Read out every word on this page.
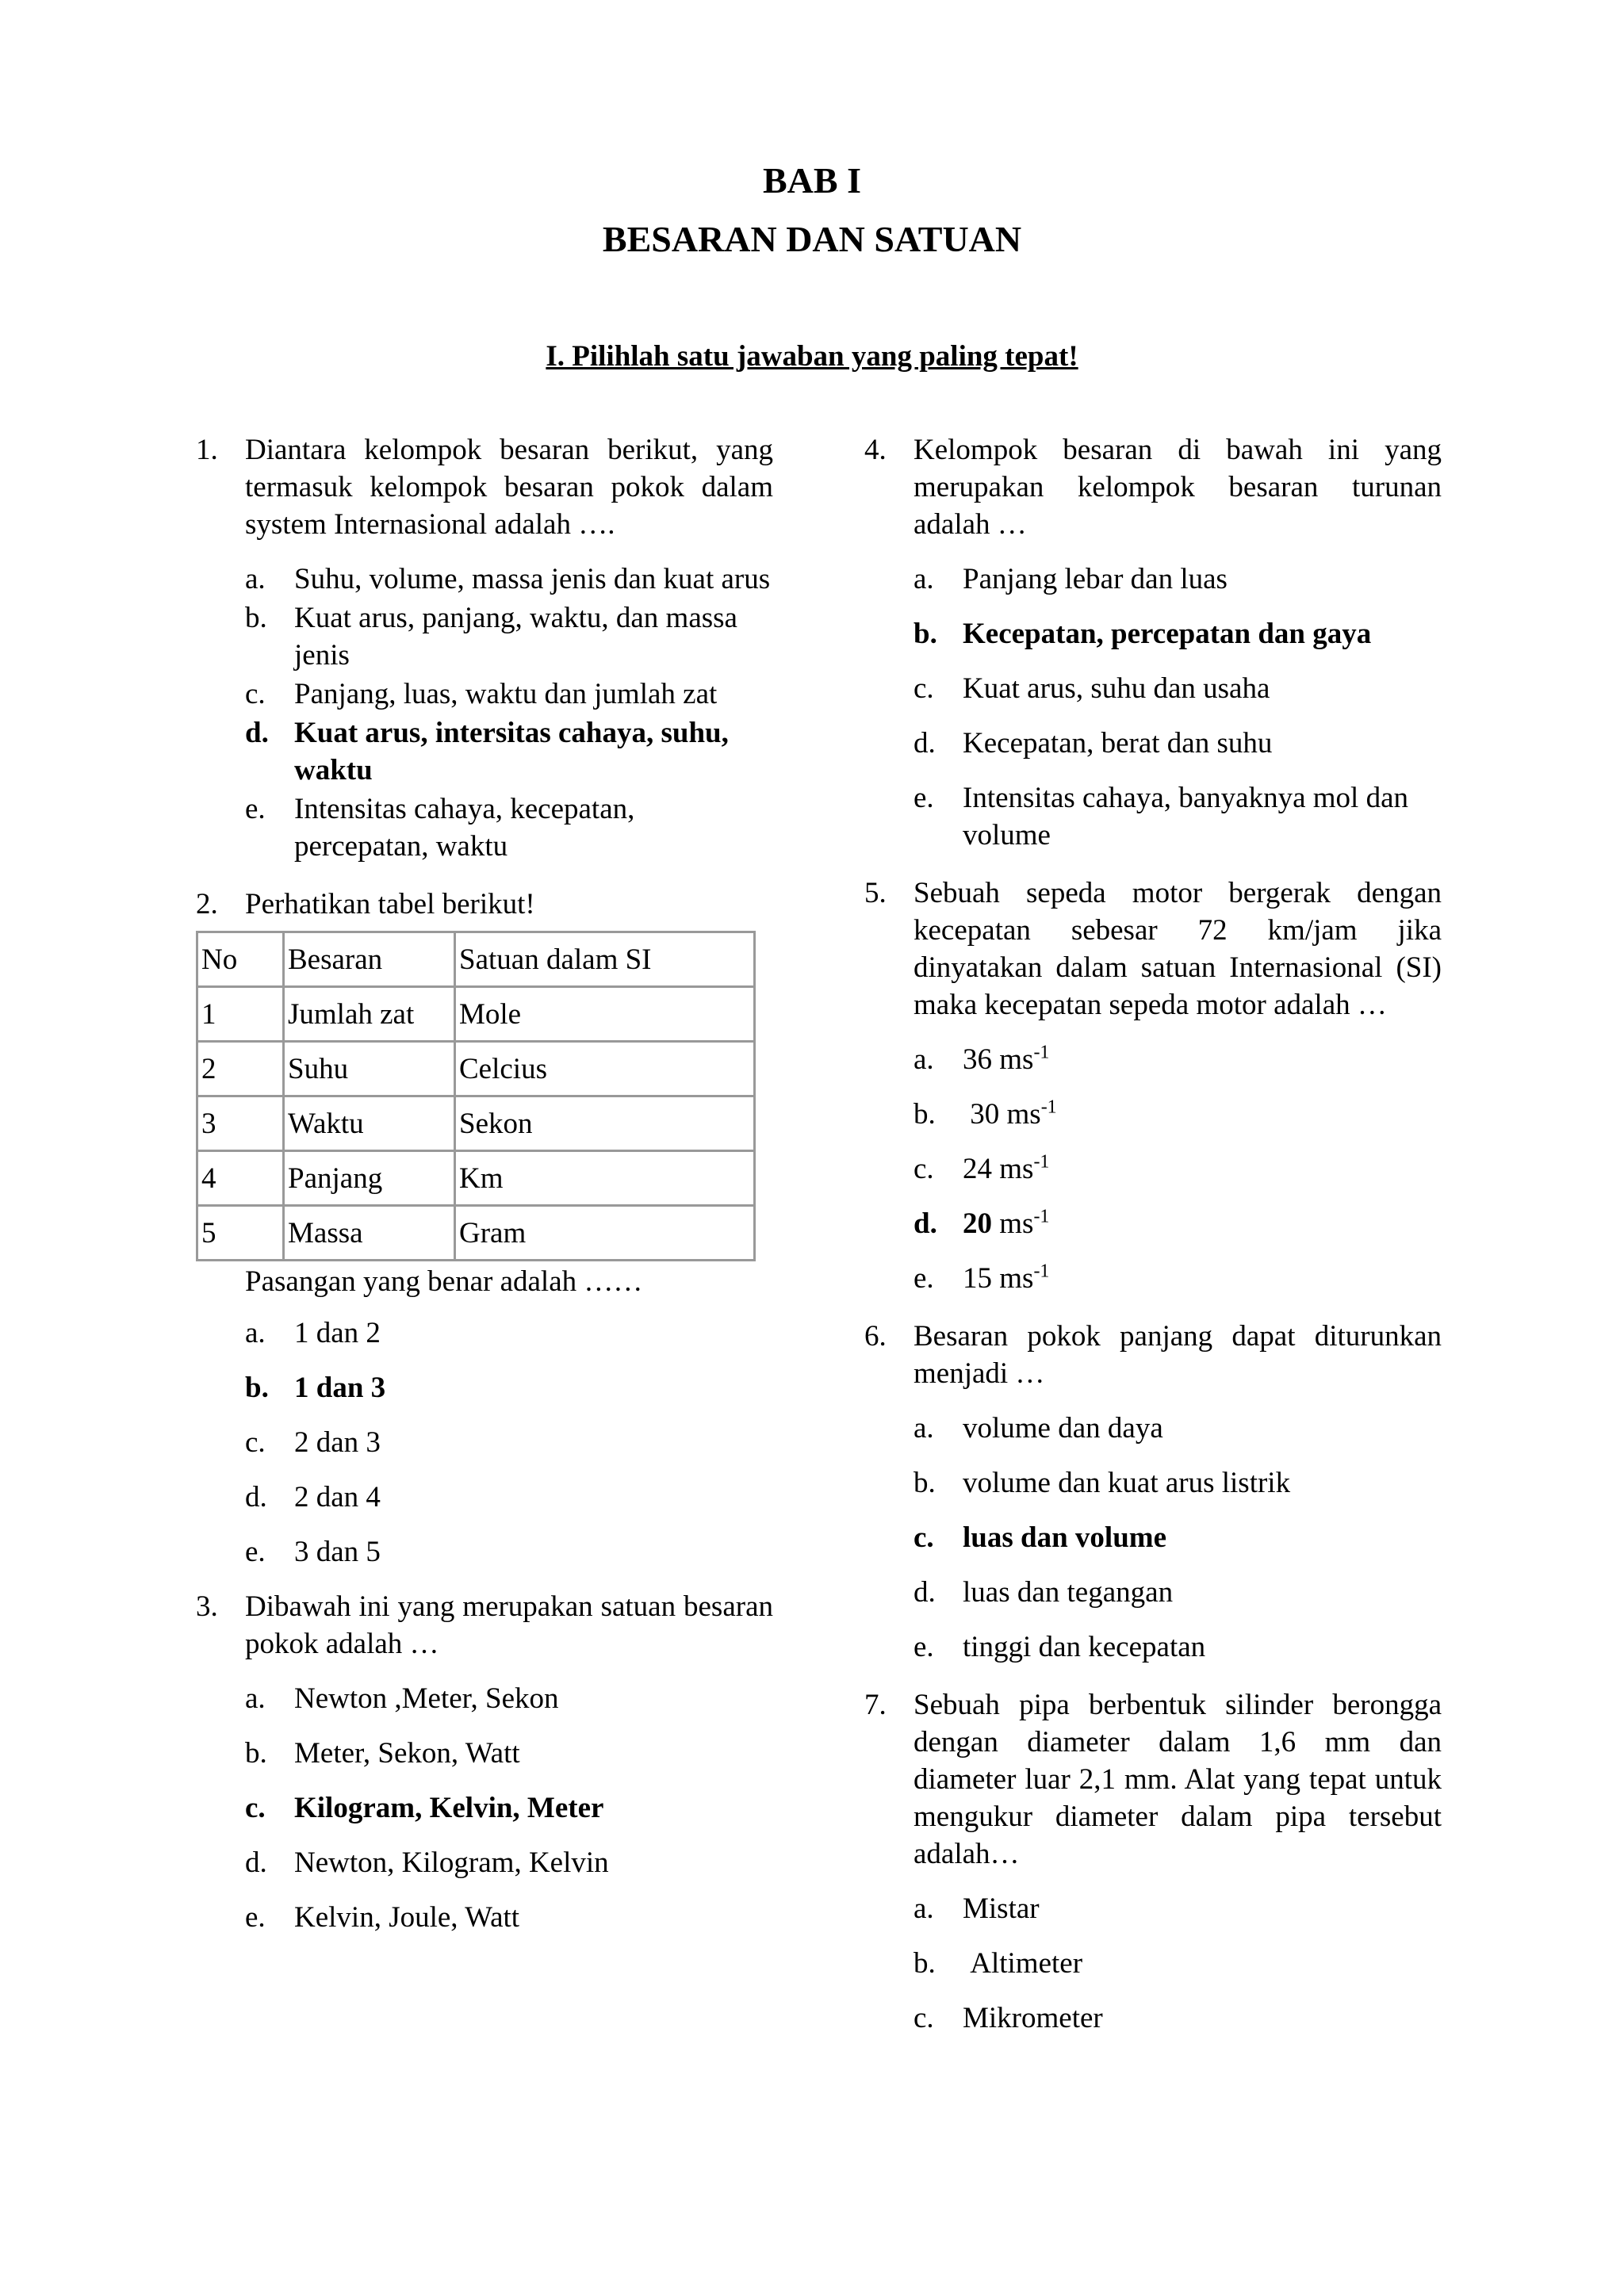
BAB I
BESARAN DAN SATUAN
I. Pilihlah satu jawaban yang paling tepat!
1. Diantara kelompok besaran berikut, yang termasuk kelompok besaran pokok dalam system Internasional adalah ….
a. Suhu, volume, massa jenis dan kuat arus
b. Kuat arus, panjang, waktu, dan massa jenis
c. Panjang, luas, waktu dan jumlah zat
d. Kuat arus, intersitas cahaya, suhu, waktu
e. Intensitas cahaya, kecepatan, percepatan, waktu
2. Perhatikan tabel berikut!
No	Besaran	Satuan dalam SI
1	Jumlah zat	Mole
2	Suhu	Celcius
3	Waktu	Sekon
4	Panjang	Km
5	Massa	Gram
Pasangan yang benar adalah ……
a. 1 dan 2
b. 1 dan 3
c. 2 dan 3
d. 2 dan 4
e. 3 dan 5
3. Dibawah ini yang merupakan satuan besaran pokok adalah …
a. Newton ,Meter, Sekon
b. Meter, Sekon, Watt
c. Kilogram, Kelvin, Meter
d. Newton, Kilogram, Kelvin
e. Kelvin, Joule, Watt
4. Kelompok besaran di bawah ini yang merupakan kelompok besaran turunan adalah …
a. Panjang lebar dan luas
b. Kecepatan, percepatan dan gaya
c. Kuat arus, suhu dan usaha
d. Kecepatan, berat dan suhu
e. Intensitas cahaya, banyaknya mol dan volume
5. Sebuah sepeda motor bergerak dengan kecepatan sebesar 72 km/jam jika dinyatakan dalam satuan Internasional (SI) maka kecepatan sepeda motor adalah …
a. 36 $ms^{-1}$
b. 30 $ms^{-1}$
c. 24 $ms^{-1}$
d. 20 $ms^{-1}$
e. 15 $ms^{-1}$
6. Besaran pokok panjang dapat diturunkan menjadi …
a. volume dan daya
b. volume dan kuat arus listrik
c. luas dan volume
d. luas dan tegangan
e. tinggi dan kecepatan
7. Sebuah pipa berbentuk silinder berongga dengan diameter dalam 1,6 mm dan diameter luar 2,1 mm. Alat yang tepat untuk mengukur diameter dalam pipa tersebut adalah…
a. Mistar
b. Altimeter
c. Mikrometer
